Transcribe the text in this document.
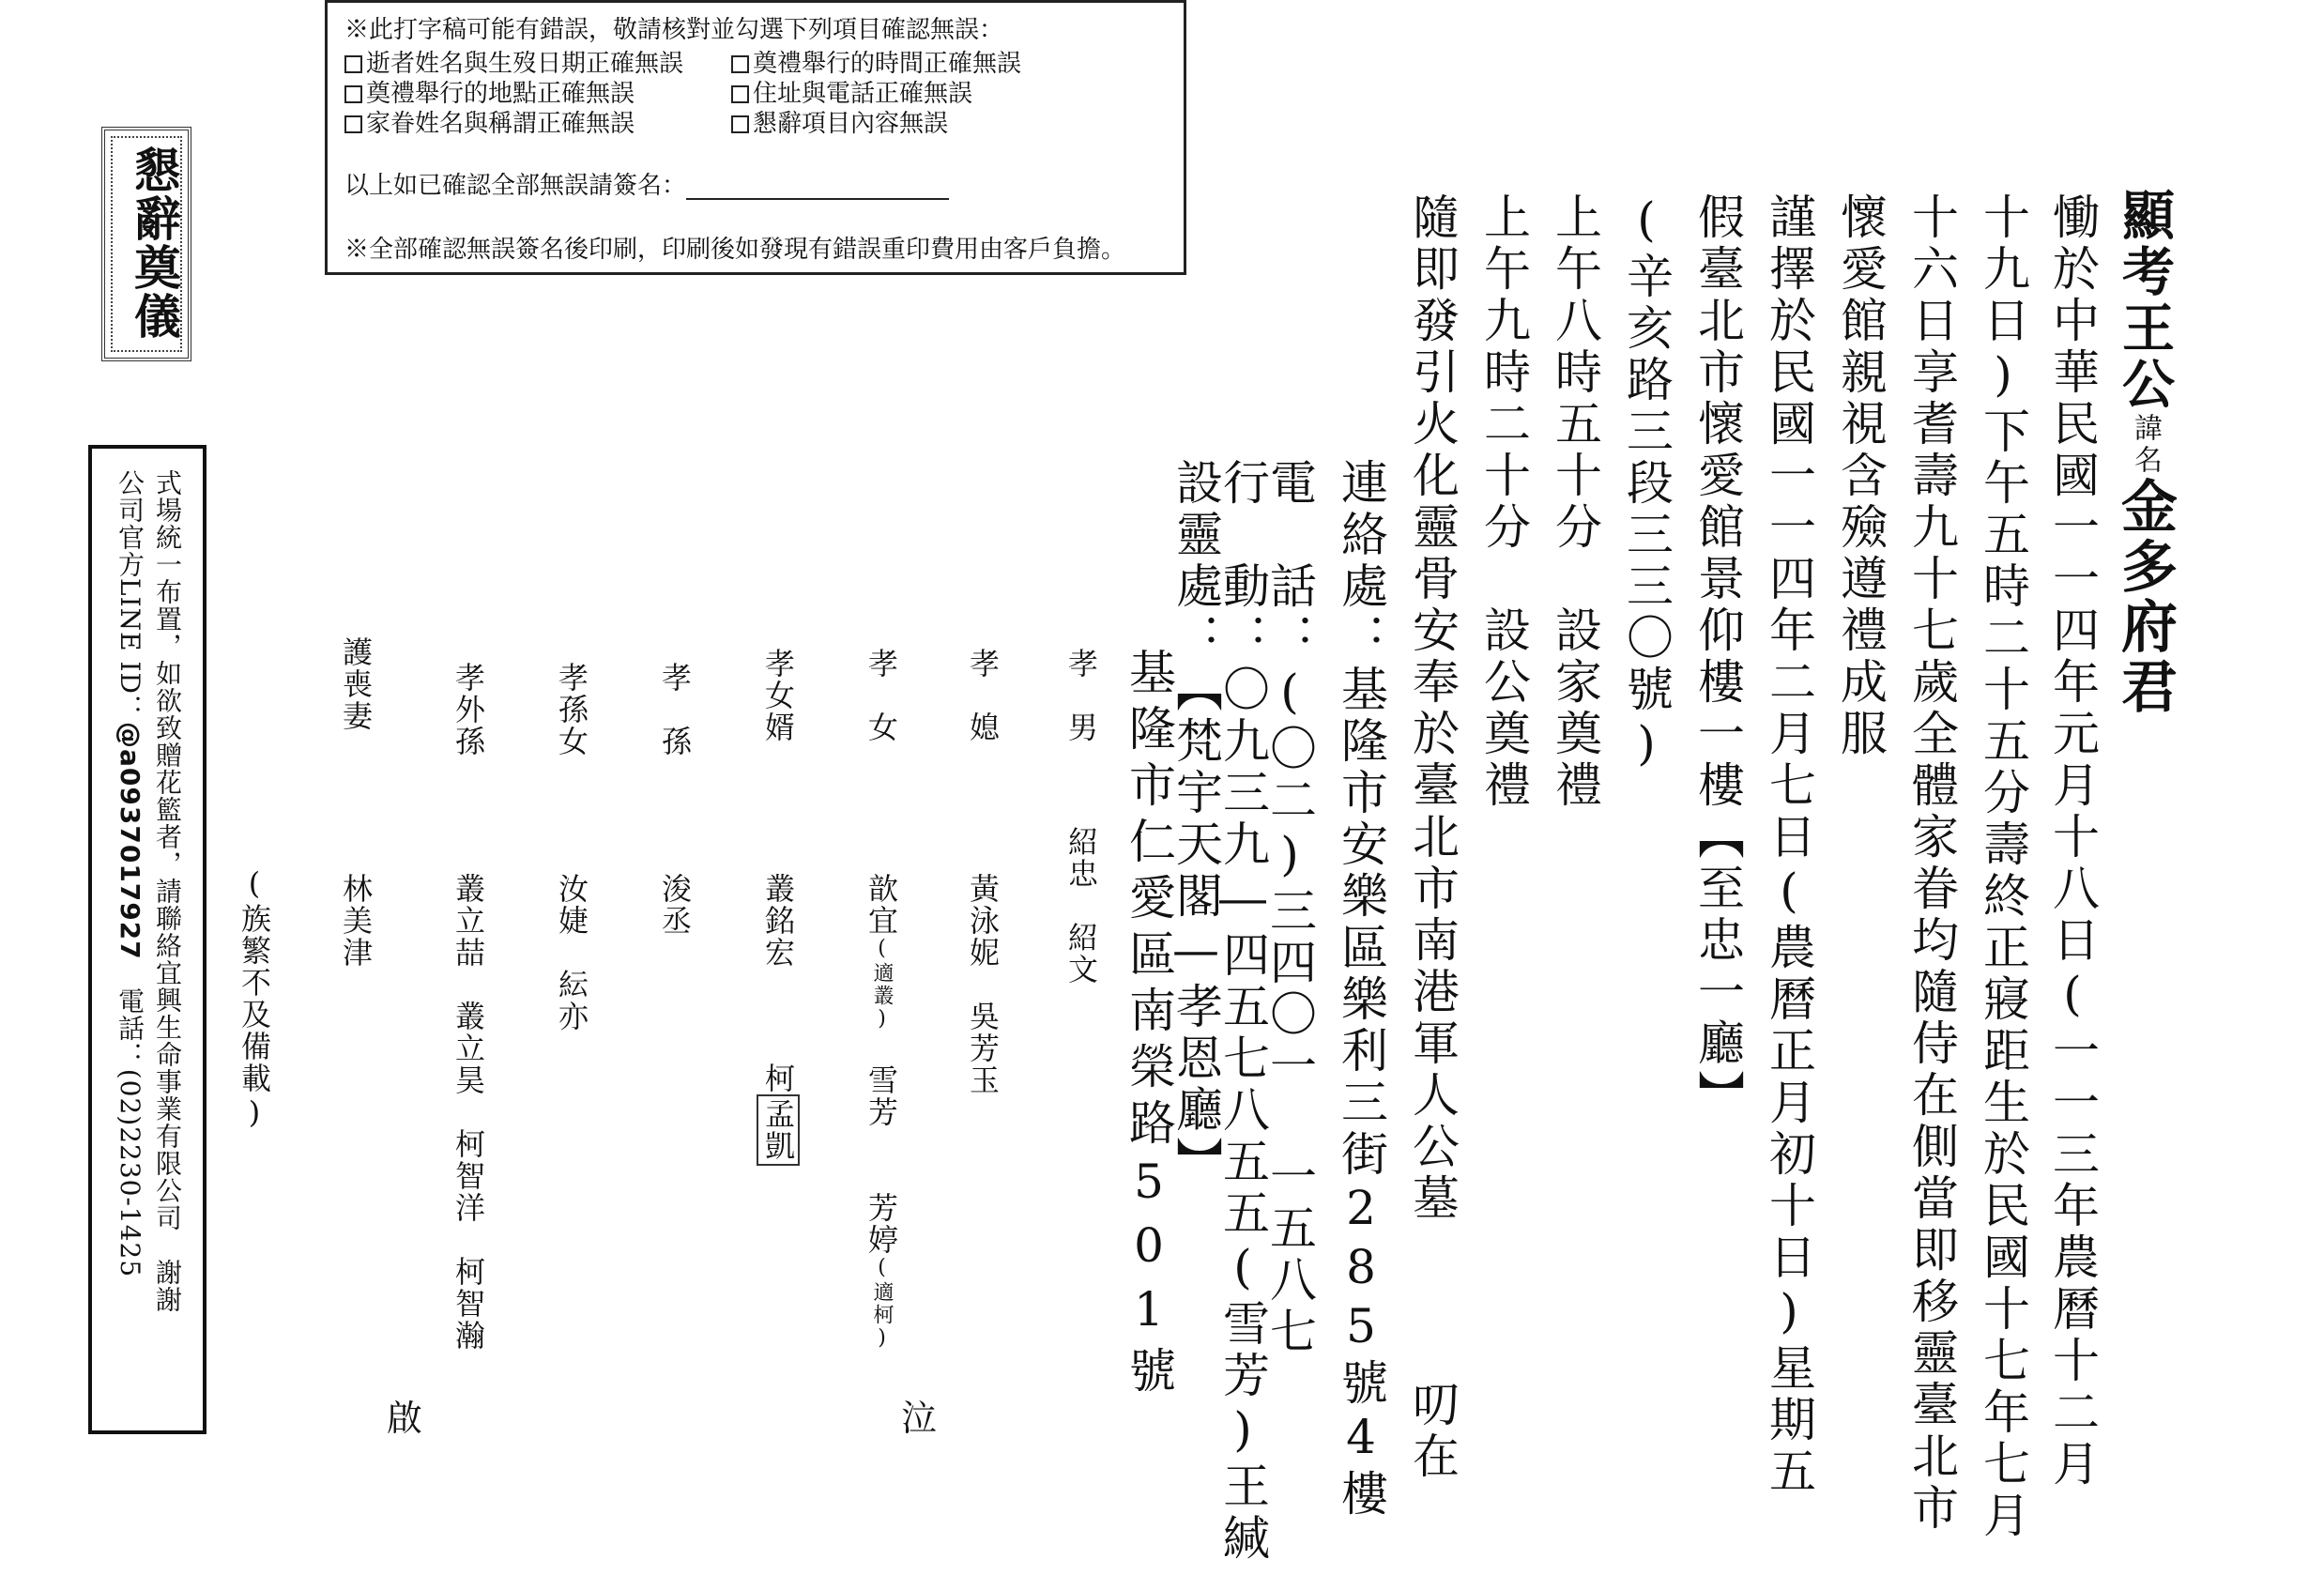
※此打字稿可能有錯誤，敬請核對並勾選下列項目確認無誤：
逝者姓名與生歿日期正確無誤
奠禮舉行的地點正確無誤
家眷姓名與稱謂正確無誤
奠禮舉行的時間正確無誤
住址與電話正確無誤
懇辭項目內容無誤
以上如已確認全部無誤請簽名：
※全部確認無誤簽名後印刷，印刷後如發現有錯誤重印費用由客戶負擔。
懇辭奠儀
式場統一布置，如欲致贈花籃者，請聯絡宜興生命事業有限公司　謝謝
公司官方LINE ID：@a0937017927　電話：(02)2230-1425
顯考王公諱名金多府君
慟於中華民國一一四年元月十八日(一一三年農曆十二月
十九日)下午五時二十五分壽終正寢距生於民國十七年七月
十六日享耆壽九十七歲全體家眷均隨侍在側當即移靈臺北市
懷愛館親視含殮遵禮成服
謹擇於民國一一四年二月七日(農曆正月初十日)星期五
假臺北市懷愛館景仰樓一樓【至忠一廳】
(辛亥路三段三三〇號)
上午八時五十分　設家奠禮
上午九時二十分　設公奠禮
隨即發引火化靈骨安奉於臺北市南港軍人公墓　　　叨在
連絡處：基隆市安樂區樂利三街285號4樓
電　話：(〇二)三四〇一 一五八七
行　動：〇九三九―四五七八五五(雪芳)王緘
設靈處：【梵宇天閣—孝恩廳】
基隆市仁愛區南榮路501號
孝　男紹忠　紹文
孝　媳黃泳妮　吳芳玉
孝　女歆宜(適叢)　雪芳　　芳婷(適柯)
孝女婿叢銘宏柯孟凱
孝　孫浚丞
孝孫女汝婕　紜亦
孝外孫叢立喆　叢立昊　柯智洋　柯智瀚
護喪妻林美津
(族繁不及備載)
泣
啟
